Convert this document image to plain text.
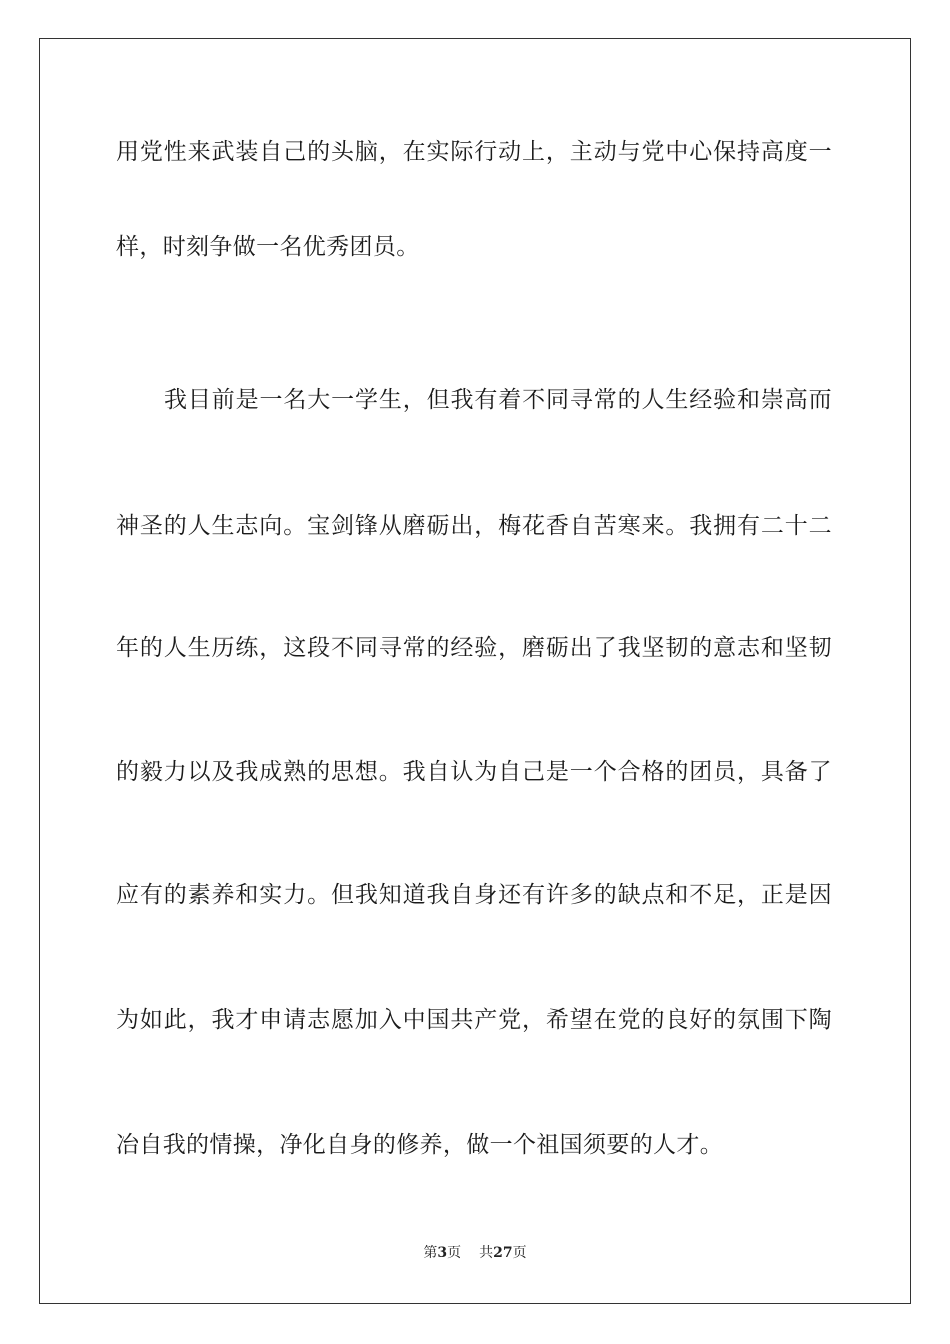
用党性来武装自己的头脑，在实际行动上，主动与党中心保持高度一
样，时刻争做一名优秀团员。
我目前是一名大一学生，但我有着不同寻常的人生经验和崇高而
神圣的人生志向。宝剑锋从磨砺出，梅花香自苦寒来。我拥有二十二
年的人生历练，这段不同寻常的经验，磨砺出了我坚韧的意志和坚韧
的毅力以及我成熟的思想。我自认为自己是一个合格的团员，具备了
应有的素养和实力。但我知道我自身还有许多的缺点和不足，正是因
为如此，我才申请志愿加入中国共产党，希望在党的良好的氛围下陶
冶自我的情操，净化自身的修养，做一个祖国须要的人才。
第3页 共27页
